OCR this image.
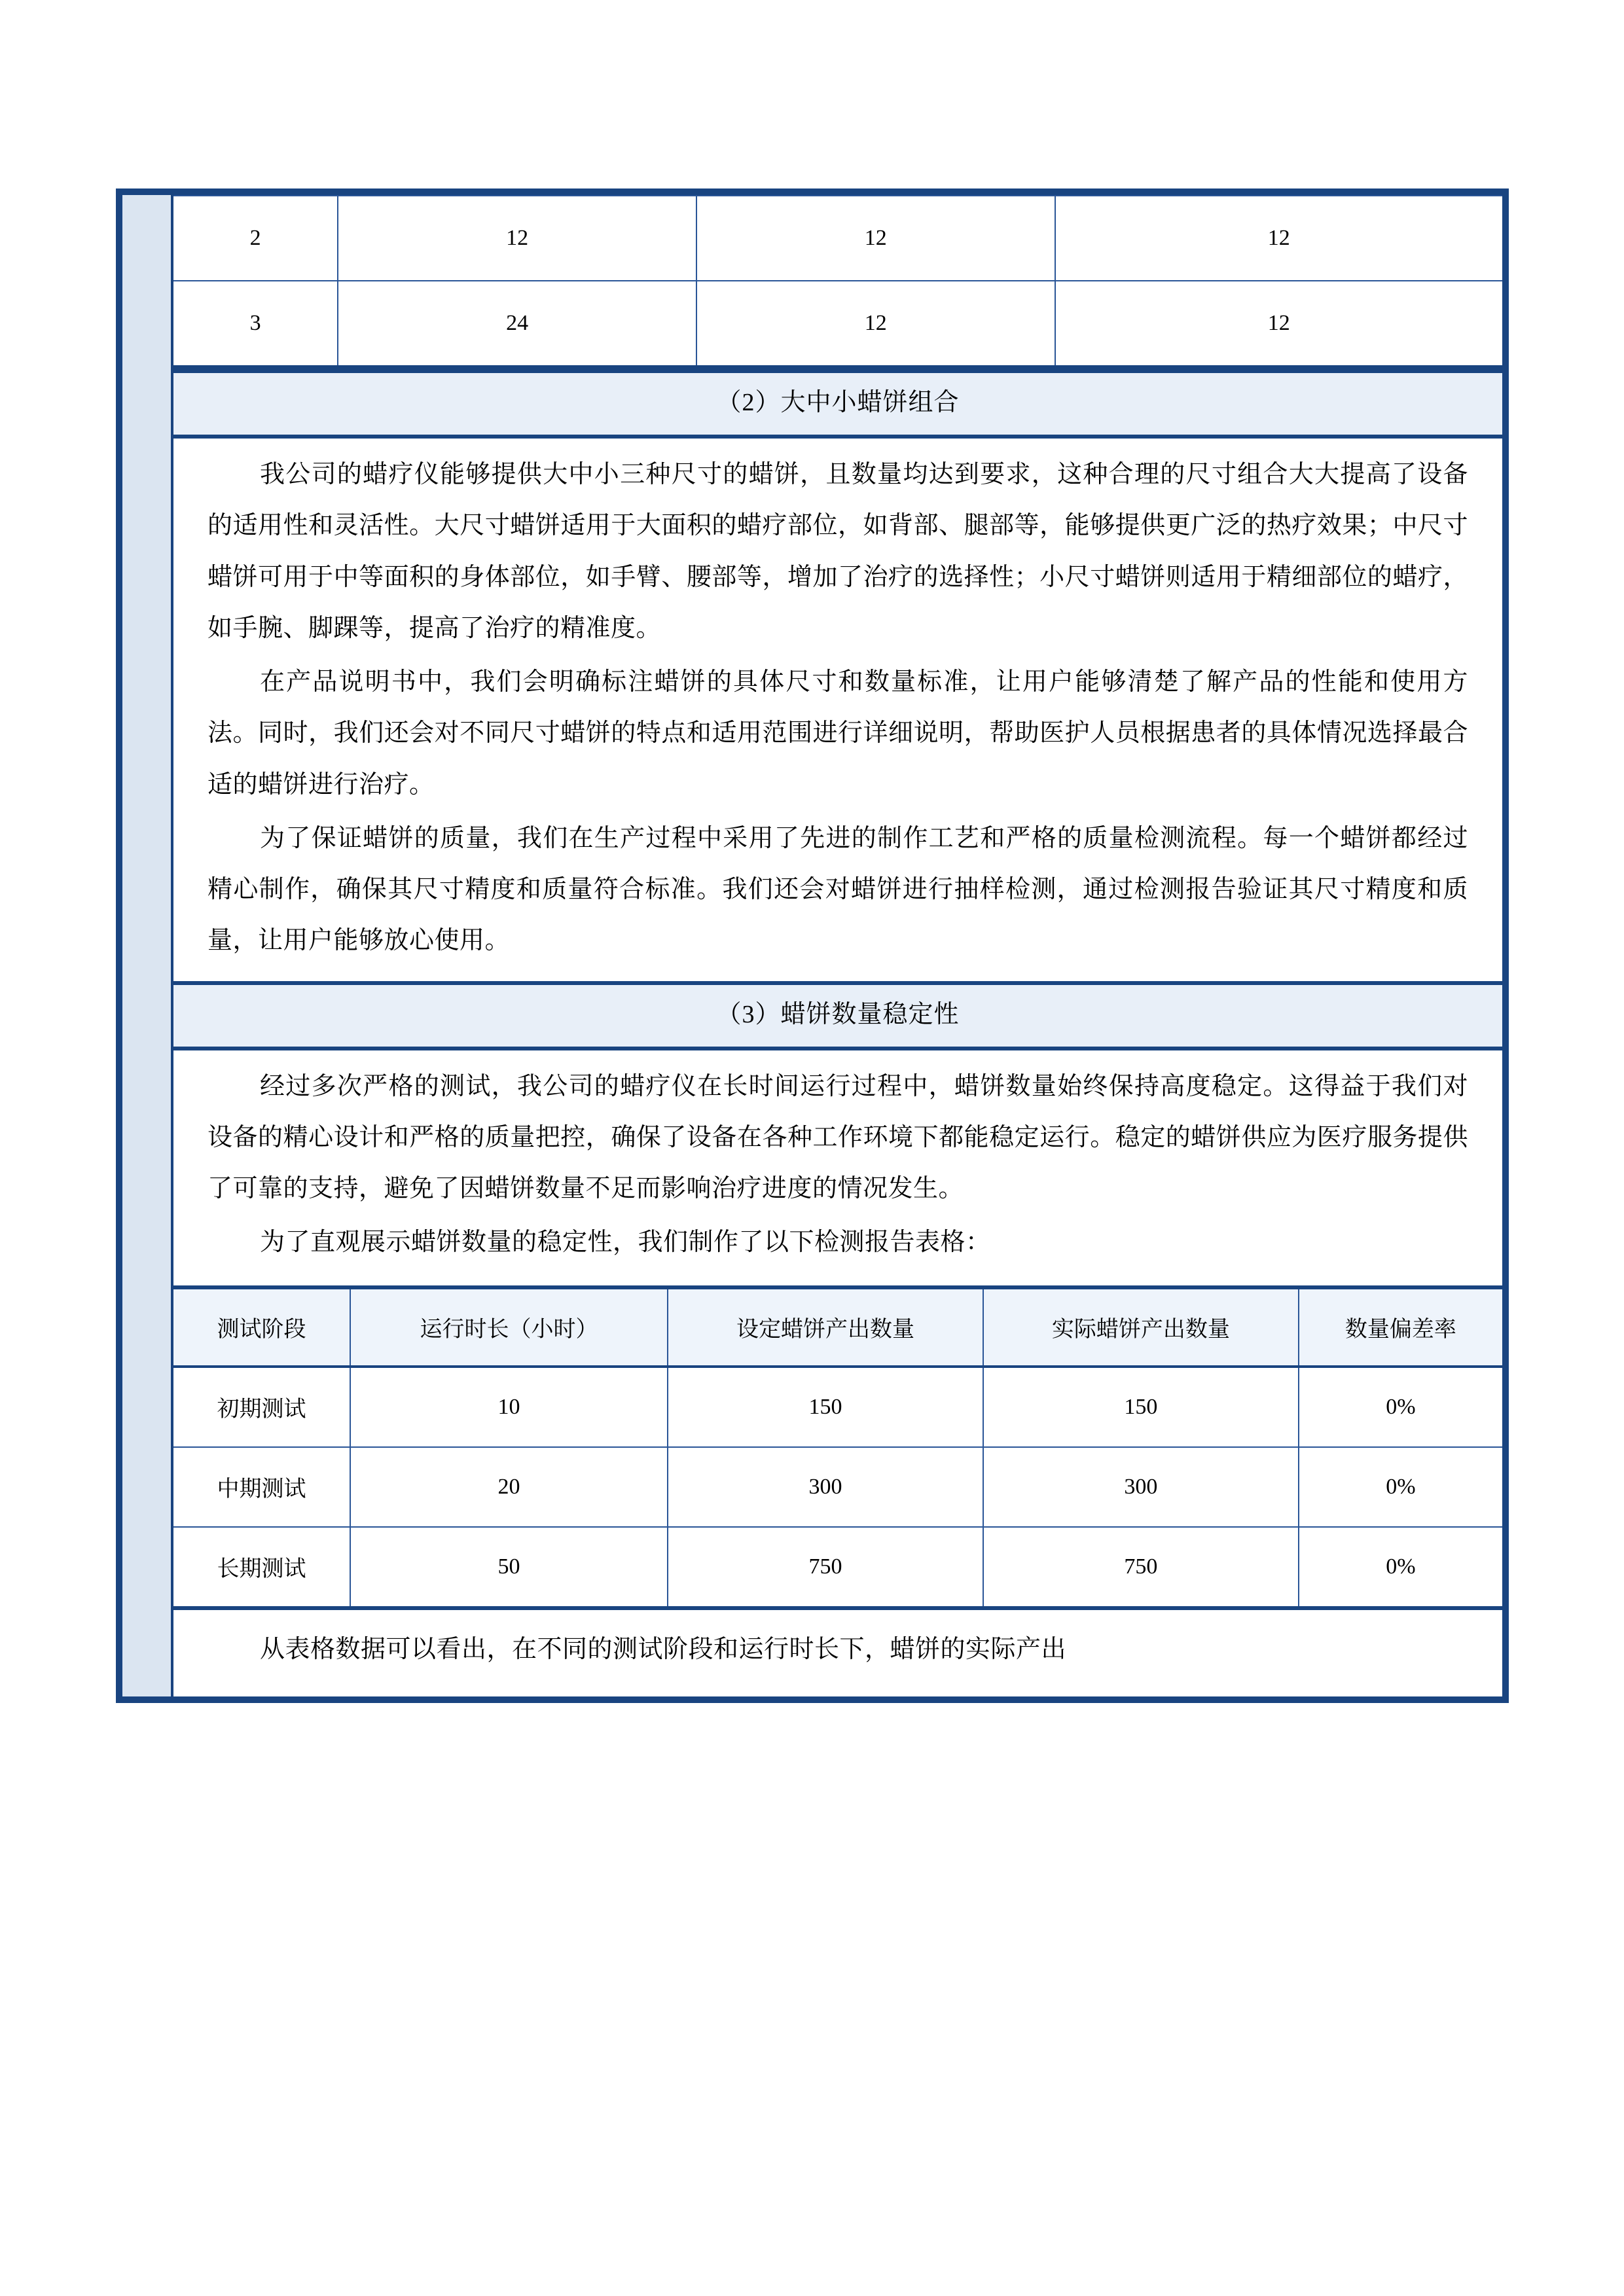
2	12	12	12
3	24	12	12
（2）大中小蜡饼组合

我公司的蜡疗仪能够提供大中小三种尺寸的蜡饼，且数量均达到要求，这种合理的尺寸组合大大提高了设备的适用性和灵活性。大尺寸蜡饼适用于大面积的蜡疗部位，如背部、腿部等，能够提供更广泛的热疗效果；中尺寸蜡饼可用于中等面积的身体部位，如手臂、腰部等，增加了治疗的选择性；小尺寸蜡饼则适用于精细部位的蜡疗，如手腕、脚踝等，提高了治疗的精准度。

在产品说明书中，我们会明确标注蜡饼的具体尺寸和数量标准，让用户能够清楚了解产品的性能和使用方法。同时，我们还会对不同尺寸蜡饼的特点和适用范围进行详细说明，帮助医护人员根据患者的具体情况选择最合适的蜡饼进行治疗。

为了保证蜡饼的质量，我们在生产过程中采用了先进的制作工艺和严格的质量检测流程。每一个蜡饼都经过精心制作，确保其尺寸精度和质量符合标准。我们还会对蜡饼进行抽样检测，通过检测报告验证其尺寸精度和质量，让用户能够放心使用。

（3）蜡饼数量稳定性

经过多次严格的测试，我公司的蜡疗仪在长时间运行过程中，蜡饼数量始终保持高度稳定。这得益于我们对设备的精心设计和严格的质量把控，确保了设备在各种工作环境下都能稳定运行。稳定的蜡饼供应为医疗服务提供了可靠的支持，避免了因蜡饼数量不足而影响治疗进度的情况发生。

为了直观展示蜡饼数量的稳定性，我们制作了以下检测报告表格：

测试阶段	运行时长（小时）	设定蜡饼产出数量	实际蜡饼产出数量	数量偏差率
初期测试	10	150	150	0%
中期测试	20	300	300	0%
长期测试	50	750	750	0%

从表格数据可以看出，在不同的测试阶段和运行时长下，蜡饼的实际产出
